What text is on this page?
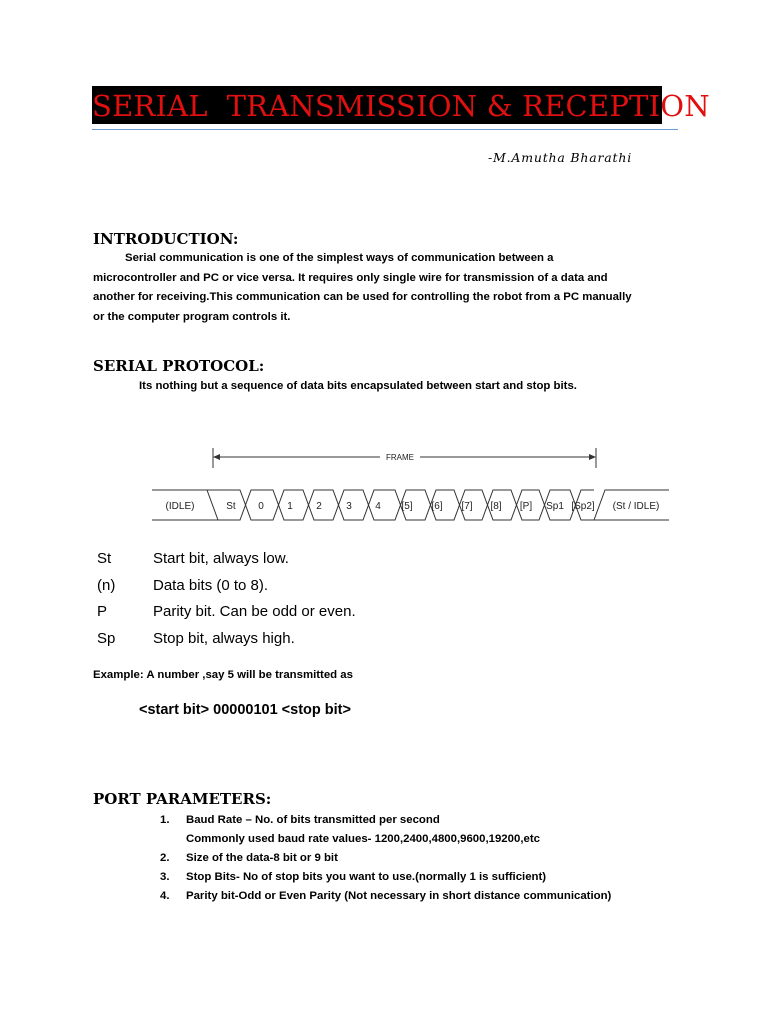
SERIAL  TRANSMISSION & RECEPTION
-M.Amutha Bharathi
INTRODUCTION:
Serial communication is one of the simplest ways of communication between a
microcontroller and PC or vice versa. It requires only single wire for transmission of a data and
another for receiving.This communication can be used for controlling the robot from a PC manually
or the computer program controls it.
SERIAL PROTOCOL:
Its nothing but a sequence of data bits encapsulated between start and stop bits.
FRAME
(IDLE)	St 0 1 2 3 4 [5] [6] [7] [8] [P] Sp1 [Sp2] (St / IDLE)
St	Start bit, always low.
(n)	Data bits (0 to 8).
P	Parity bit. Can be odd or even.
Sp	Stop bit, always high.
Example: A number ,say 5 will be transmitted as
<start bit> 00000101 <stop bit>
PORT PARAMETERS:
1.	Baud Rate – No. of bits transmitted per second
Commonly used baud rate values- 1200,2400,4800,9600,19200,etc
2.	Size of the data-8 bit or 9 bit
3.	Stop Bits- No of stop bits you want to use.(normally 1 is sufficient)
4.	Parity bit-Odd or Even Parity (Not necessary in short distance communication)
